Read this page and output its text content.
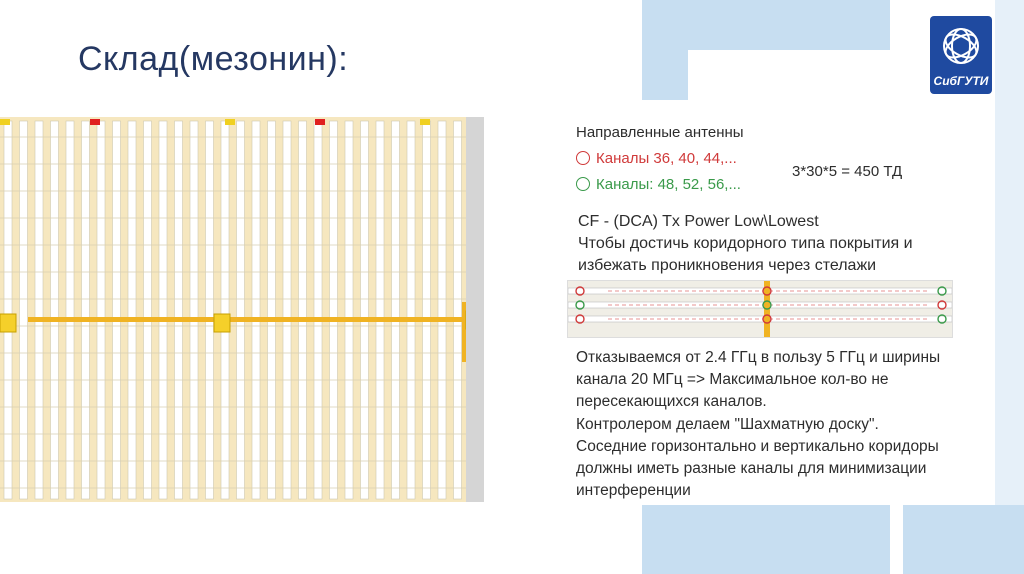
Склад(мезонин):
СибГУТИ
Направленные антенны
Каналы 36, 40, 44,...
Каналы: 48, 52, 56,...
3*30*5 = 450 ТД
CF - (DCA) Tx Power Low\Lowest
Чтобы достичь коридорного типа покрытия и
избежать проникновения через стелажи
Отказываемся от 2.4 ГГц в пользу 5 ГГц и ширины
канала 20 МГц => Максимальное кол-во не
пересекающихся каналов.
Контролером делаем "Шахматную доску".
Соседние горизонтально и вертикально коридоры
должны иметь разные каналы для минимизации
интерференции
